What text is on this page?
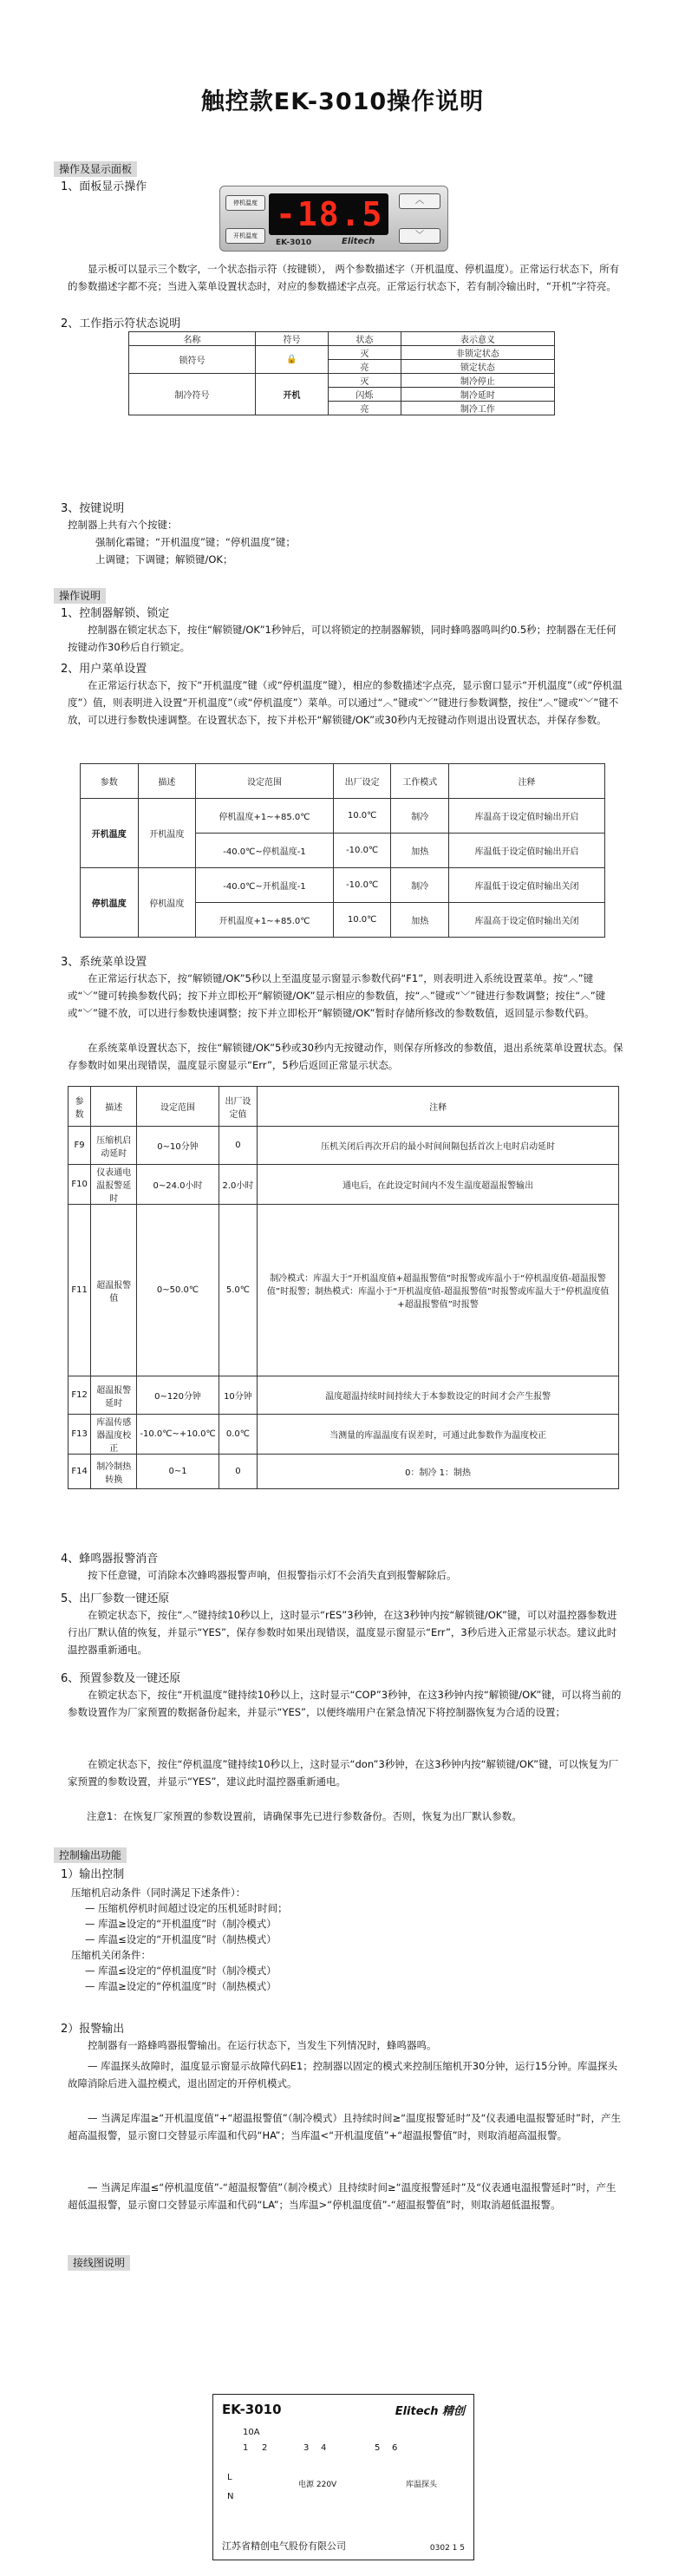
触控款EK-3010操作说明
操作及显示面板
1、面板显示操作
停机温度
开机温度
-18.5
EK-3010	Elitech
︿
﹀
显示板可以显示三个数字，一个状态指示符（按键锁）， 两个参数描述字（开机温度、停机温度）。正常运行状态下，所有的参数描述字都不亮；当进入菜单设置状态时，对应的参数描述字点亮。正常运行状态下，若有制冷输出时，“开机”字符亮。
2、工作指示符状态说明
名称	符号	状态	表示意义
锁符号	🔒	灭	非锁定状态
		亮	锁定状态
制冷符号	开机	灭	制冷停止
		闪烁	制冷延时
		亮	制冷工作
3、按键说明
控制器上共有六个按键：
强制化霜键；“开机温度”键；“停机温度”键；
上调键；下调键；解锁键/OK；
操作说明
1、控制器解锁、锁定
控制器在锁定状态下，按住“解锁键/OK”1秒钟后，可以将锁定的控制器解锁，同时蜂鸣器鸣叫约0.5秒；控制器在无任何按键动作30秒后自行锁定。
2、用户菜单设置
在正常运行状态下，按下“开机温度”键（或“停机温度”键），相应的参数描述字点亮，显示窗口显示“开机温度”（或“停机温度”）值，则表明进入设置“开机温度”（或“停机温度”）菜单。可以通过“︿”键或“﹀”键进行参数调整，按住“︿”键或“﹀”键不放，可以进行参数快速调整。在设置状态下，按下并松开“解锁键/OK”或30秒内无按键动作则退出设置状态，并保存参数。
参数	描述	设定范围	出厂设定	工作模式	注释
开机温度	开机温度	停机温度+1~+85.0℃	10.0℃	制冷	库温高于设定值时输出开启
		-40.0℃~停机温度-1	-10.0℃	加热	库温低于设定值时输出开启
停机温度	停机温度	-40.0℃~开机温度-1	-10.0℃	制冷	库温低于设定值时输出关闭
		开机温度+1~+85.0℃	10.0℃	加热	库温高于设定值时输出关闭
3、系统菜单设置
在正常运行状态下，按“解锁键/OK”5秒以上至温度显示窗显示参数代码“F1”，则表明进入系统设置菜单。按“︿”键或“﹀”键可转换参数代码；按下并立即松开“解锁键/OK”显示相应的参数值，按“︿”键或“﹀”键进行参数调整；按住“︿”键或“﹀”键不放，可以进行参数快速调整；按下并立即松开“解锁键/OK”暂时存储所修改的参数数值，返回显示参数代码。
在系统菜单设置状态下，按住“解锁键/OK”5秒或30秒内无按键动作，则保存所修改的参数值，退出系统菜单设置状态。保存参数时如果出现错误，温度显示窗显示“Err”，5秒后返回正常显示状态。
参数	描述	设定范围	出厂设定值	注释
F9	压缩机启动延时	0~10分钟	0	压机关闭后再次开启的最小时间间隔包括首次上电时启动延时
F10	仪表通电温报警延时	0~24.0小时	2.0小时	通电后，在此设定时间内不发生温度超温报警输出
F11	超温报警值	0~50.0℃	5.0℃	制冷模式：库温大于“开机温度值+超温报警值”时报警或库温小于“停机温度值-超温报警值”时报警；制热模式：库温小于“开机温度值-超温报警值”时报警或库温大于“停机温度值+超温报警值”时报警
F12	超温报警延时	0~120分钟	10分钟	温度超温持续时间持续大于本参数设定的时间才会产生报警
F13	库温传感器温度校正	-10.0℃~+10.0℃	0.0℃	当测量的库温温度有误差时，可通过此参数作为温度校正
F14	制冷制热转换	0~1	0	0：制冷 1：制热
4、蜂鸣器报警消音
按下任意键，可消除本次蜂鸣器报警声响，但报警指示灯不会消失直到报警解除后。
5、出厂参数一键还原
在锁定状态下，按住“︿”键持续10秒以上，这时显示“rES”3秒钟，在这3秒钟内按“解锁键/OK”键，可以对温控器参数进行出厂默认值的恢复，并显示“YES”，保存参数时如果出现错误，温度显示窗显示“Err”，3秒后进入正常显示状态。建议此时温控器重新通电。
6、预置参数及一键还原
在锁定状态下，按住“开机温度”键持续10秒以上，这时显示“COP”3秒钟，在这3秒钟内按“解锁键/OK”键，可以将当前的参数设置作为厂家预置的数据备份起来，并显示“YES”，以便终端用户在紧急情况下将控制器恢复为合适的设置；
在锁定状态下，按住“停机温度”键持续10秒以上，这时显示“don”3秒钟，在这3秒钟内按“解锁键/OK”键，可以恢复为厂家预置的参数设置，并显示“YES”，建议此时温控器重新通电。
注意1：在恢复厂家预置的参数设置前，请确保事先已进行参数备份。否则，恢复为出厂默认参数。
控制输出功能
1）输出控制
压缩机启动条件（同时满足下述条件）：
— 压缩机停机时间超过设定的压机延时时间；
— 库温≥设定的“开机温度”时（制冷模式）
— 库温≤设定的“开机温度”时（制热模式）
压缩机关闭条件：
— 库温≤设定的“停机温度”时（制冷模式）
— 库温≥设定的“停机温度”时（制热模式）
2）报警输出
控制器有一路蜂鸣器报警输出。在运行状态下，当发生下列情况时，蜂鸣器鸣。
— 库温探头故障时，温度显示窗显示故障代码E1；控制器以固定的模式来控制压缩机开30分钟，运行15分钟。库温探头故障消除后进入温控模式，退出固定的开停机模式。
— 当满足库温≥“开机温度值”+“超温报警值”（制冷模式）且持续时间≥“温度报警延时”及“仪表通电温报警延时”时，产生超高温报警，显示窗口交替显示库温和代码“HA”；当库温<“开机温度值”+“超温报警值”时，则取消超高温报警。
— 当满足库温≤“停机温度值”-“超温报警值”（制冷模式）且持续时间≥“温度报警延时”及“仪表通电温报警延时”时，产生超低温报警，显示窗口交替显示库温和代码“LA”；当库温>“停机温度值”-“超温报警值”时，则取消超低温报警。
接线图说明
EK-3010	Elitech 精创
10A
1 2	3 4	5 6
电源 220V	库温探头
L
N
江苏省精创电气股份有限公司	0302 1 5
